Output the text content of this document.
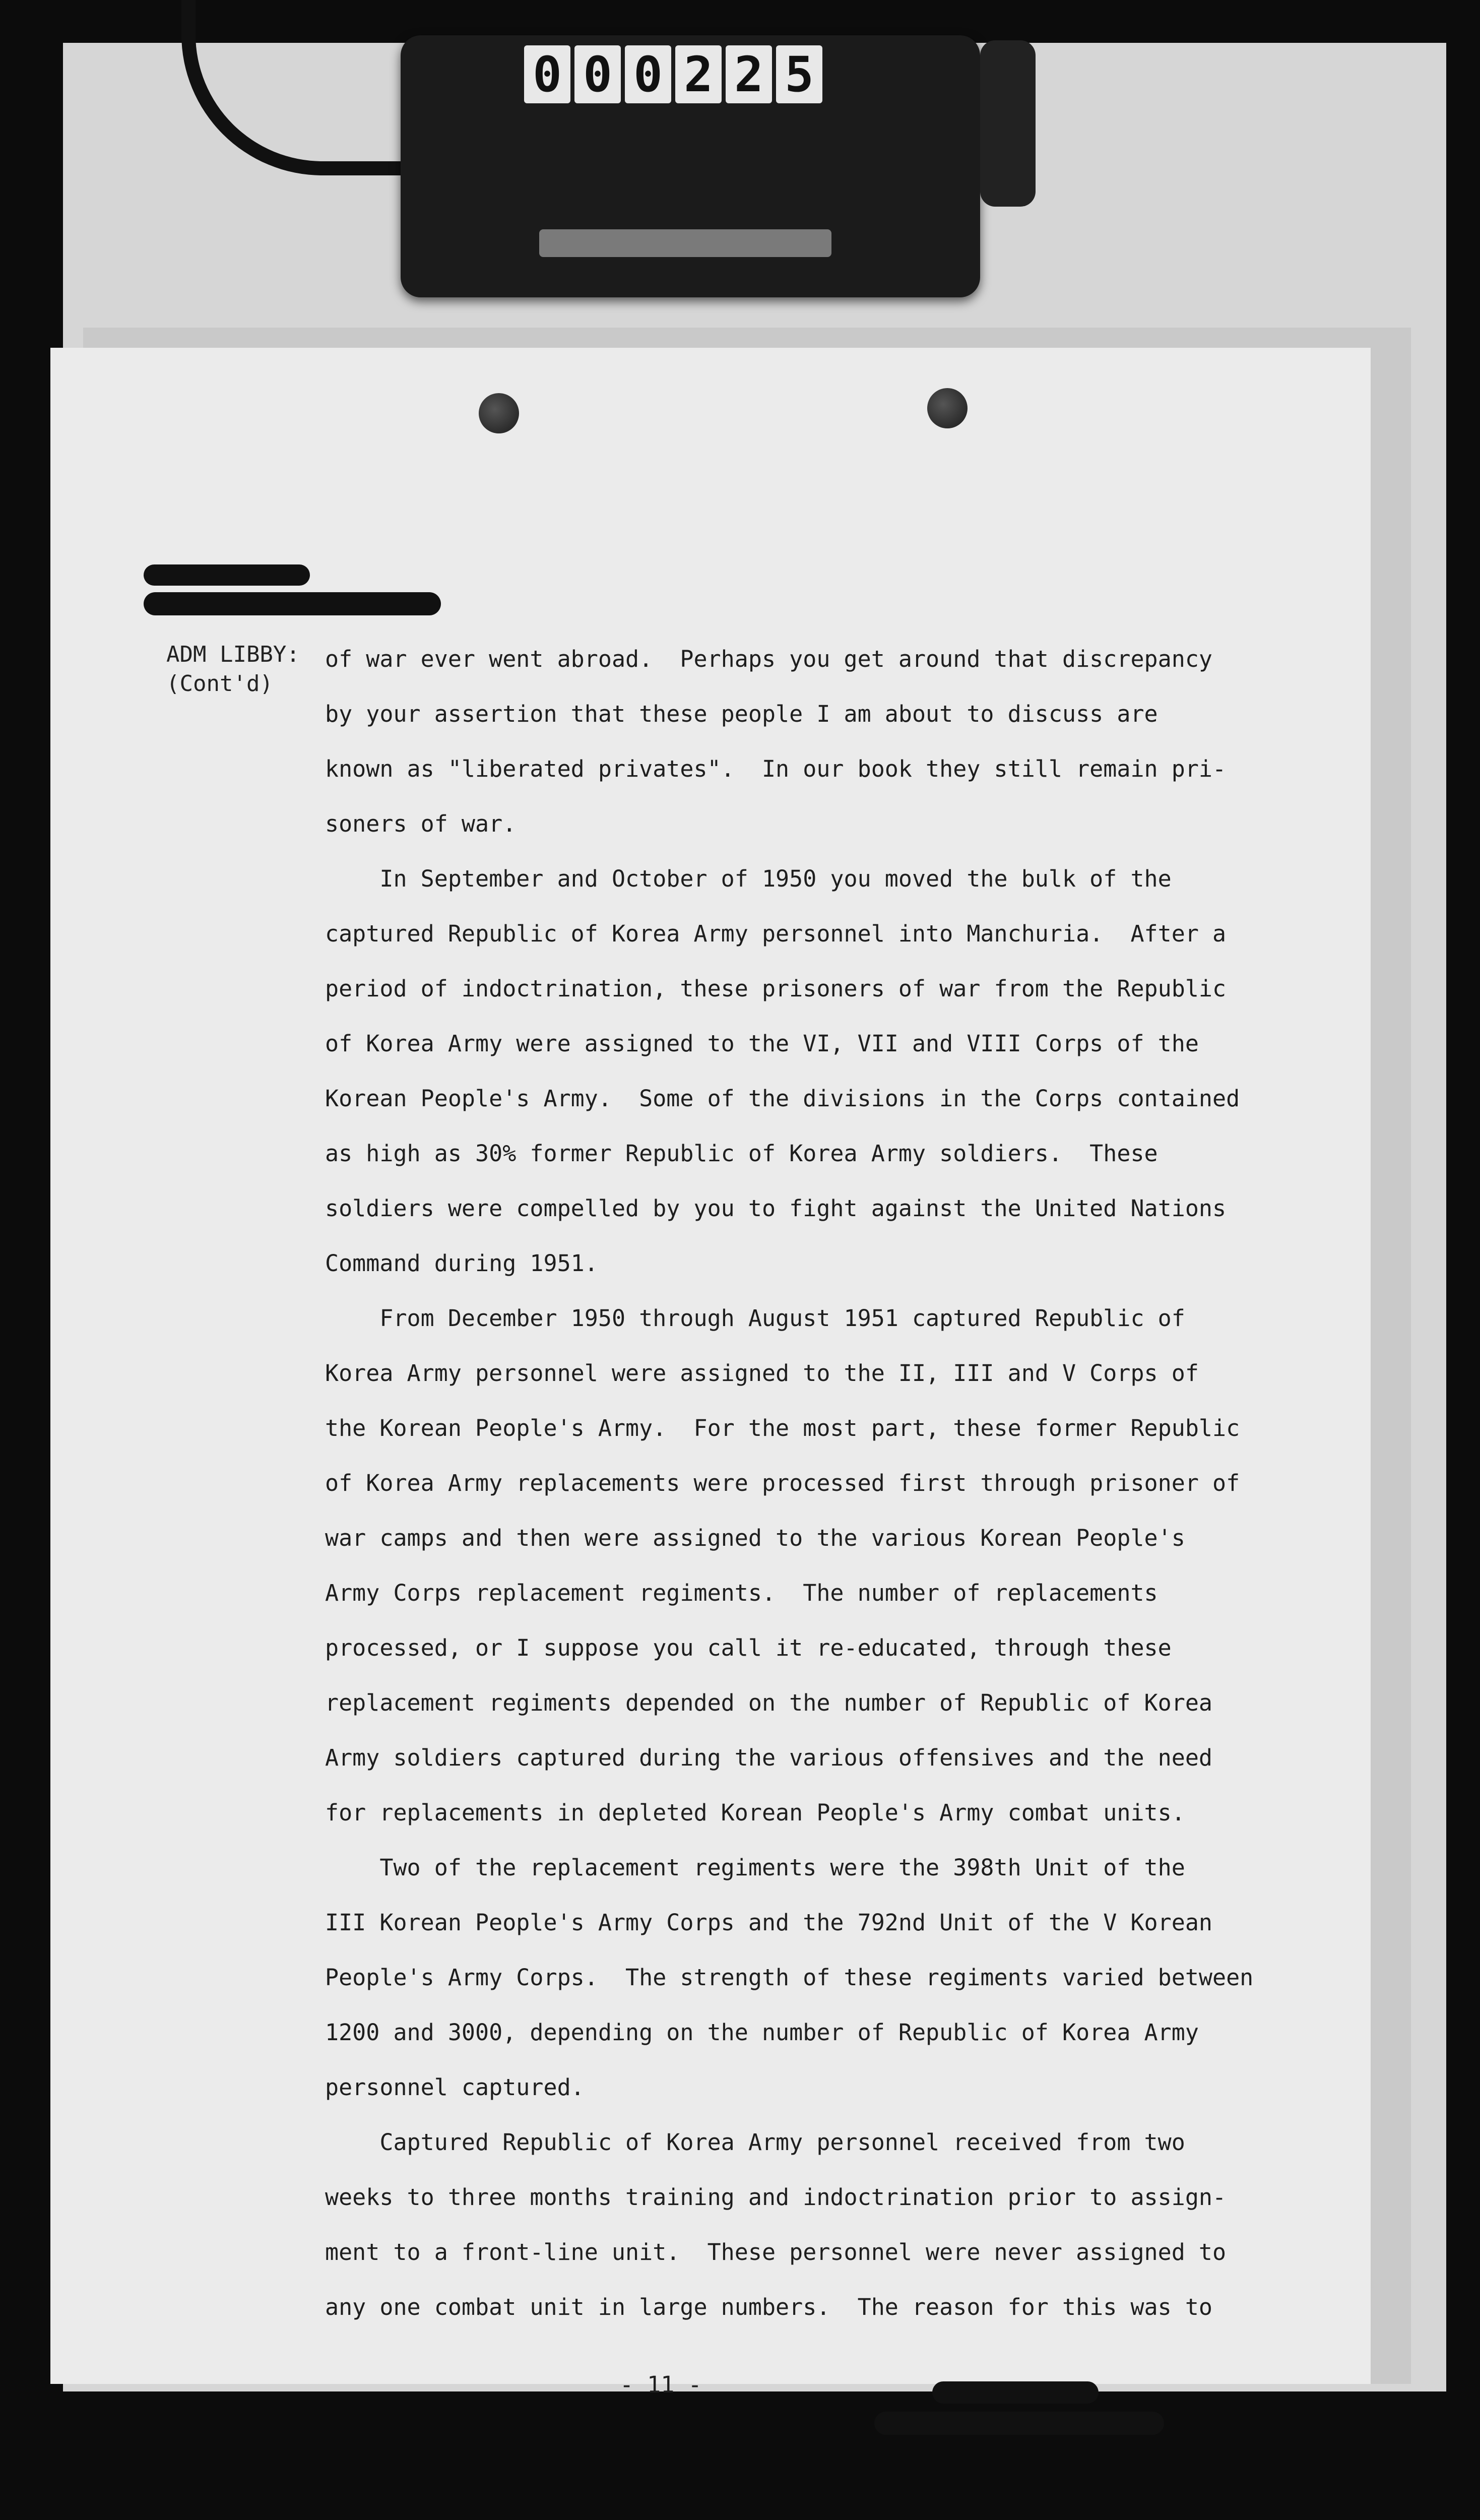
0 0 0 2 2 5
ADM LIBBY:
(Cont'd)
of war ever went abroad.  Perhaps you get around that discrepancy
by your assertion that these people I am about to discuss are
known as "liberated privates".  In our book they still remain pri-
soners of war.
In September and October of 1950 you moved the bulk of the
captured Republic of Korea Army personnel into Manchuria.  After a
period of indoctrination, these prisoners of war from the Republic
of Korea Army were assigned to the VI, VII and VIII Corps of the
Korean People's Army.  Some of the divisions in the Corps contained
as high as 30% former Republic of Korea Army soldiers.  These
soldiers were compelled by you to fight against the United Nations
Command during 1951.
From December 1950 through August 1951 captured Republic of
Korea Army personnel were assigned to the II, III and V Corps of
the Korean People's Army.  For the most part, these former Republic
of Korea Army replacements were processed first through prisoner of
war camps and then were assigned to the various Korean People's
Army Corps replacement regiments.  The number of replacements
processed, or I suppose you call it re-educated, through these
replacement regiments depended on the number of Republic of Korea
Army soldiers captured during the various offensives and the need
for replacements in depleted Korean People's Army combat units.
Two of the replacement regiments were the 398th Unit of the
III Korean People's Army Corps and the 792nd Unit of the V Korean
People's Army Corps.  The strength of these regiments varied between
1200 and 3000, depending on the number of Republic of Korea Army
personnel captured.
Captured Republic of Korea Army personnel received from two
weeks to three months training and indoctrination prior to assign-
ment to a front-line unit.  These personnel were never assigned to
any one combat unit in large numbers.  The reason for this was to
- 11 -
